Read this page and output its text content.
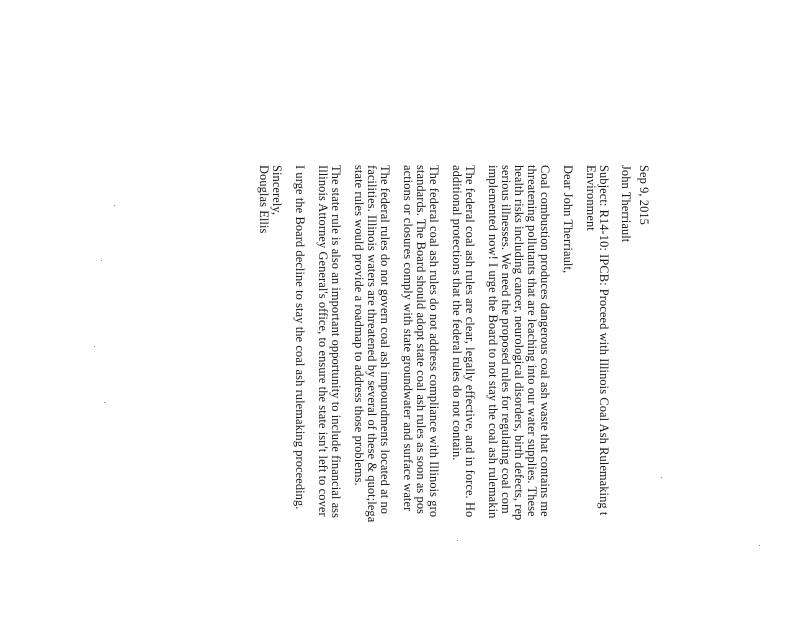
Sep 9, 2015
John Therriault
Subject: R14-10: IPCB: Proceed with Illinois Coal Ash Rulemaking t
Environment
Dear John Therriault,
Coal combustion produces dangerous coal ash waste that contains me
threatening pollutants that are leaching into our water supplies. These
health risks including cancer, neurological disorders, birth defects, rep
serious illnesses. We need the proposed rules for regulating coal com
implemented now! I urge the Board to not stay the coal ash rulemakin
The federal coal ash rules are clear, legally effective, and in force. Ho
additional protections that the federal rules do not contain.
The federal coal ash rules do not address compliance with Illinois gro
standards. The Board should adopt state coal ash rules as soon as pos
actions or closures comply with state groundwater and surface water
The federal rules do not govern coal ash impoundments located at no
facilities. Illinois waters are threatened by several of these & quot;lega
state rules would provide a roadmap to address those problems.
The state rule is also an important opportunity to include financial ass
Illinois Attorney General's office, to ensure the state isn't left to cover
I urge the Board decline to stay the coal ash rulemaking proceeding.
Sincerely,
Douglas Ellis
